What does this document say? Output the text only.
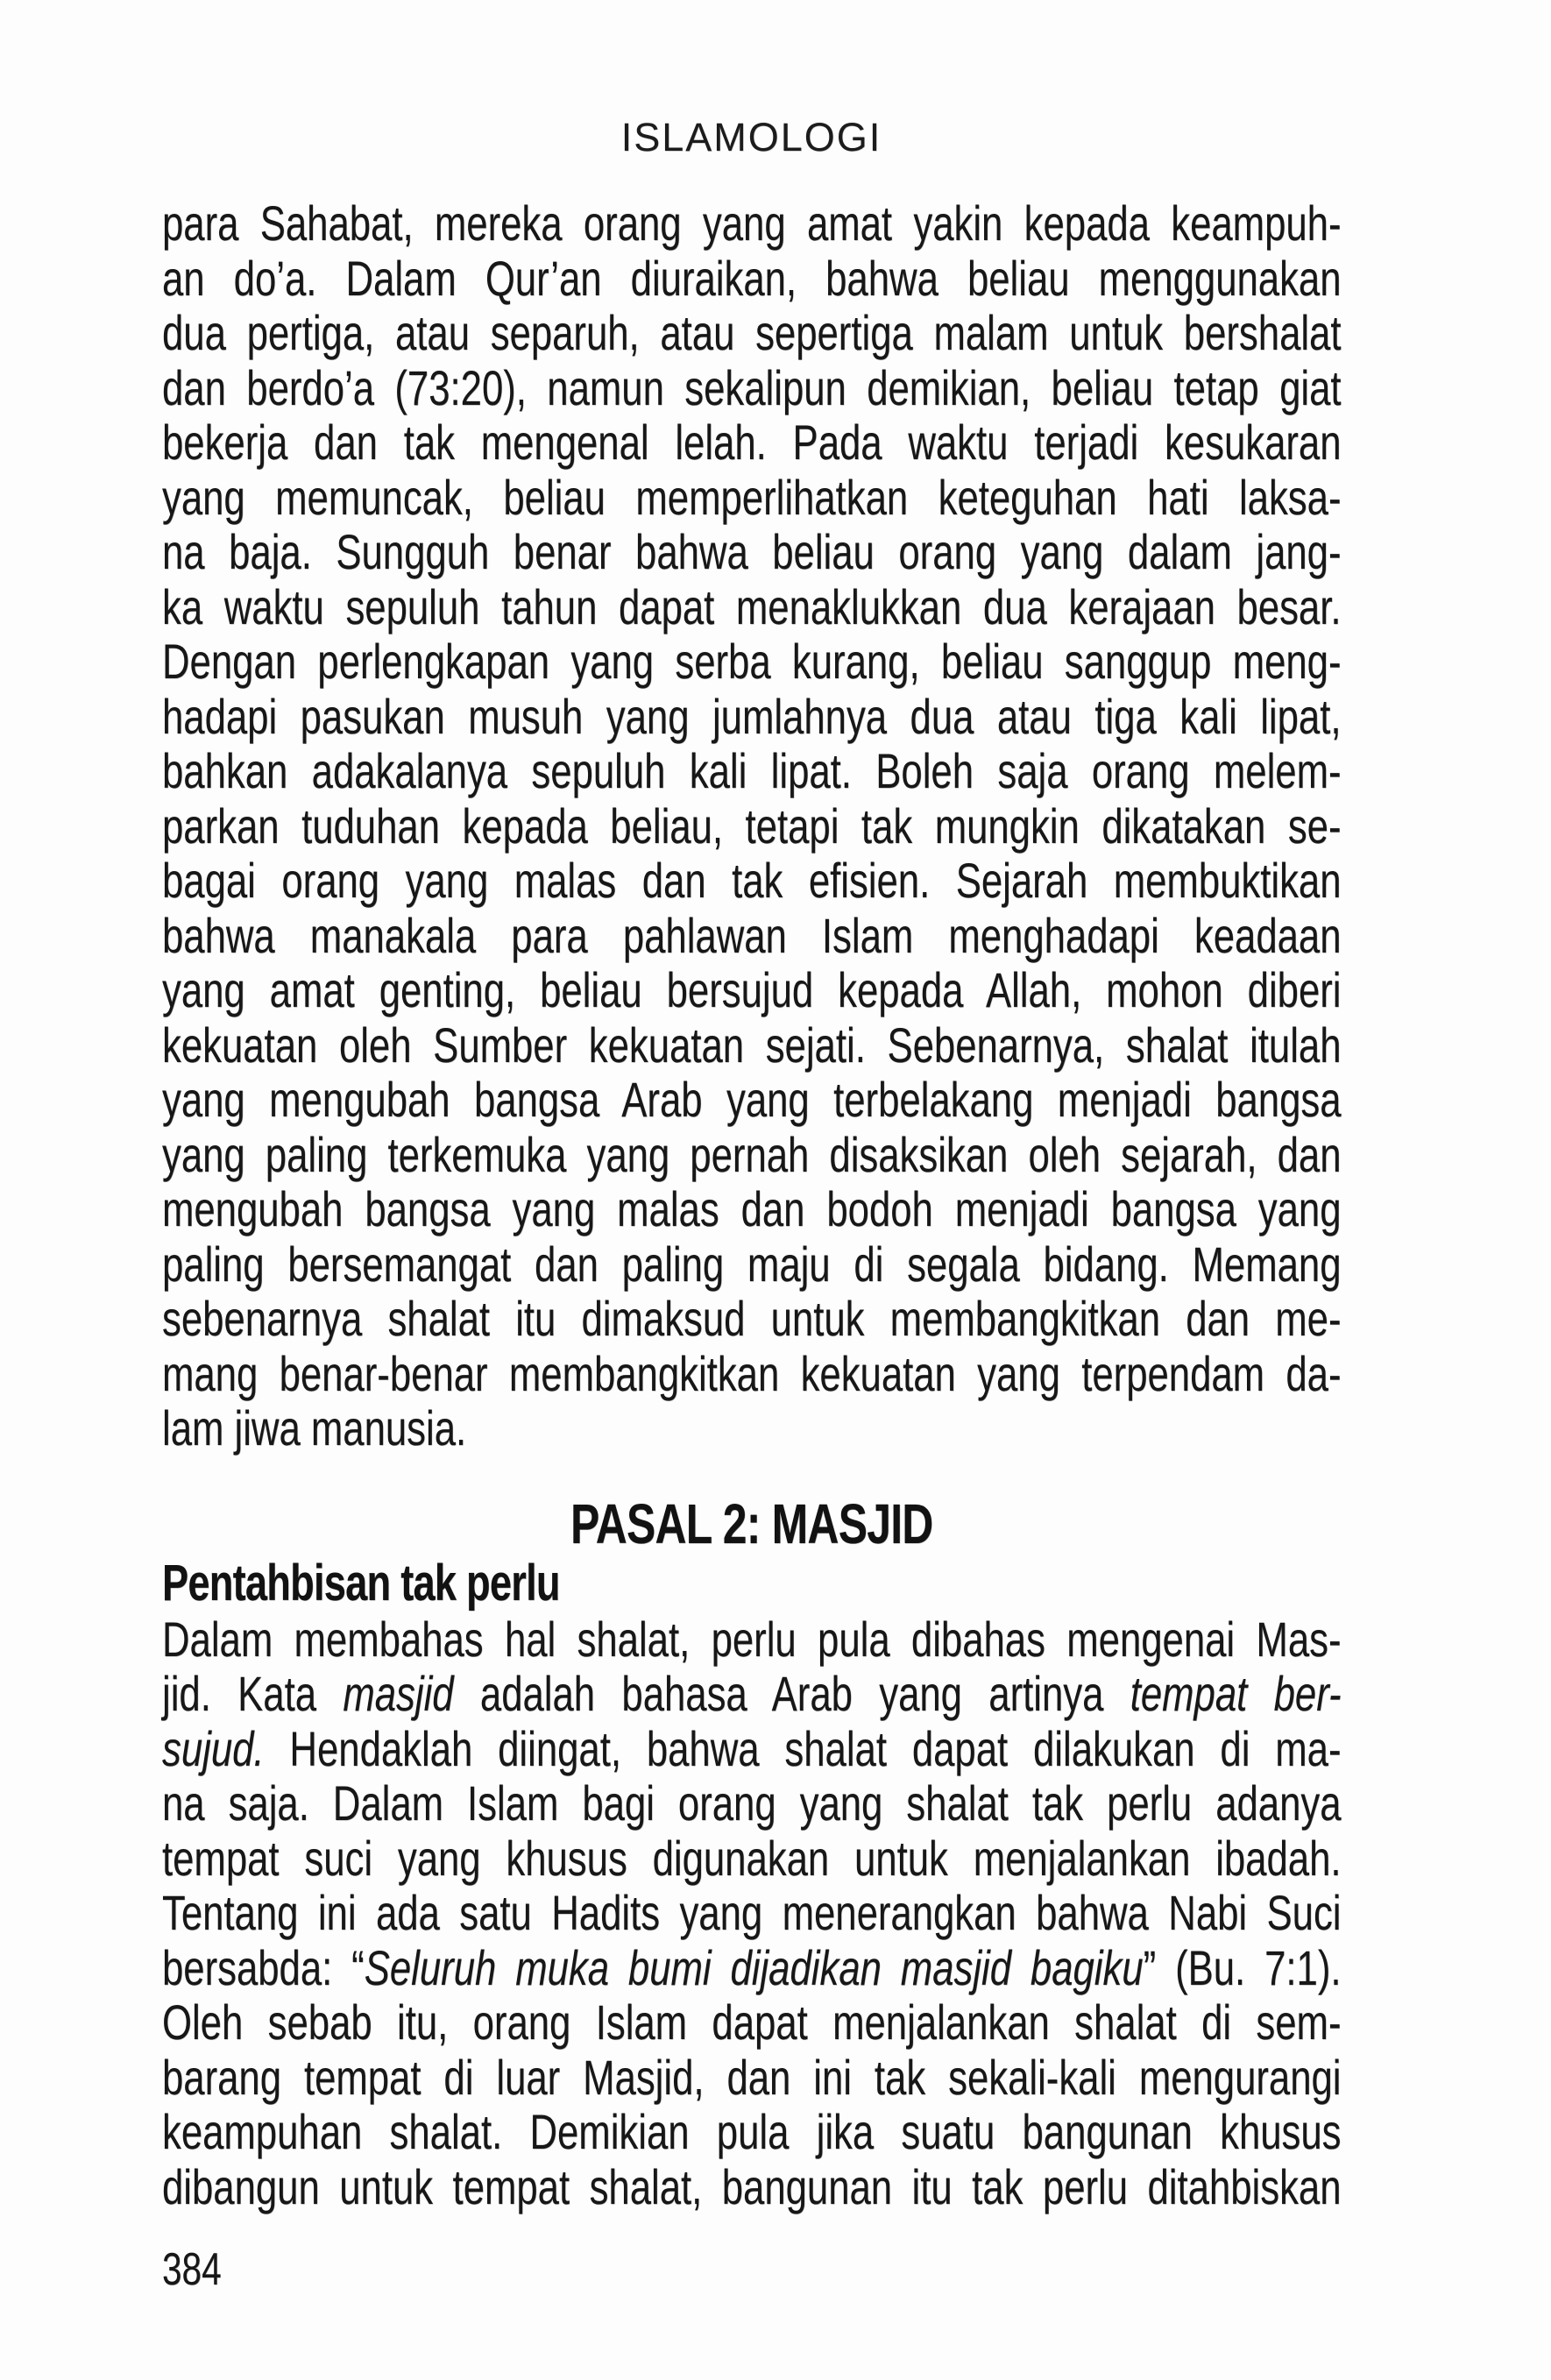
ISLAMOLOGI
para Sahabat, mereka orang yang amat yakin kepada keampuh-
an do’a. Dalam Qur’an diuraikan, bahwa beliau menggunakan
dua pertiga, atau separuh, atau sepertiga malam untuk bershalat
dan berdo’a (73:20), namun sekalipun demikian, beliau tetap giat
bekerja dan tak mengenal lelah. Pada waktu terjadi kesukaran
yang memuncak, beliau memperlihatkan keteguhan hati laksa-
na baja. Sungguh benar bahwa beliau orang yang dalam jang-
ka waktu sepuluh tahun dapat menaklukkan dua kerajaan besar.
Dengan perlengkapan yang serba kurang, beliau sanggup meng-
hadapi pasukan musuh yang jumlahnya dua atau tiga kali lipat,
bahkan adakalanya sepuluh kali lipat. Boleh saja orang melem-
parkan tuduhan kepada beliau, tetapi tak mungkin dikatakan se-
bagai orang yang malas dan tak efisien. Sejarah membuktikan
bahwa manakala para pahlawan Islam menghadapi keadaan
yang amat genting, beliau bersujud kepada Allah, mohon diberi
kekuatan oleh Sumber kekuatan sejati. Sebenarnya, shalat itulah
yang mengubah bangsa Arab yang terbelakang menjadi bangsa
yang paling terkemuka yang pernah disaksikan oleh sejarah, dan
mengubah bangsa yang malas dan bodoh menjadi bangsa yang
paling bersemangat dan paling maju di segala bidang. Memang
sebenarnya shalat itu dimaksud untuk membangkitkan dan me-
mang benar-benar membangkitkan kekuatan yang terpendam da-
lam jiwa manusia.
PASAL 2: MASJID
Pentahbisan tak perlu
Dalam membahas hal shalat, perlu pula dibahas mengenai Mas-
jid. Kata masjid adalah bahasa Arab yang artinya tempat ber-
sujud. Hendaklah diingat, bahwa shalat dapat dilakukan di ma-
na saja. Dalam Islam bagi orang yang shalat tak perlu adanya
tempat suci yang khusus digunakan untuk menjalankan ibadah.
Tentang ini ada satu Hadits yang menerangkan bahwa Nabi Suci
bersabda: “Seluruh muka bumi dijadikan masjid bagiku” (Bu. 7:1).
Oleh sebab itu, orang Islam dapat menjalankan shalat di sem-
barang tempat di luar Masjid, dan ini tak sekali-kali mengurangi
keampuhan shalat. Demikian pula jika suatu bangunan khusus
dibangun untuk tempat shalat, bangunan itu tak perlu ditahbiskan
384
